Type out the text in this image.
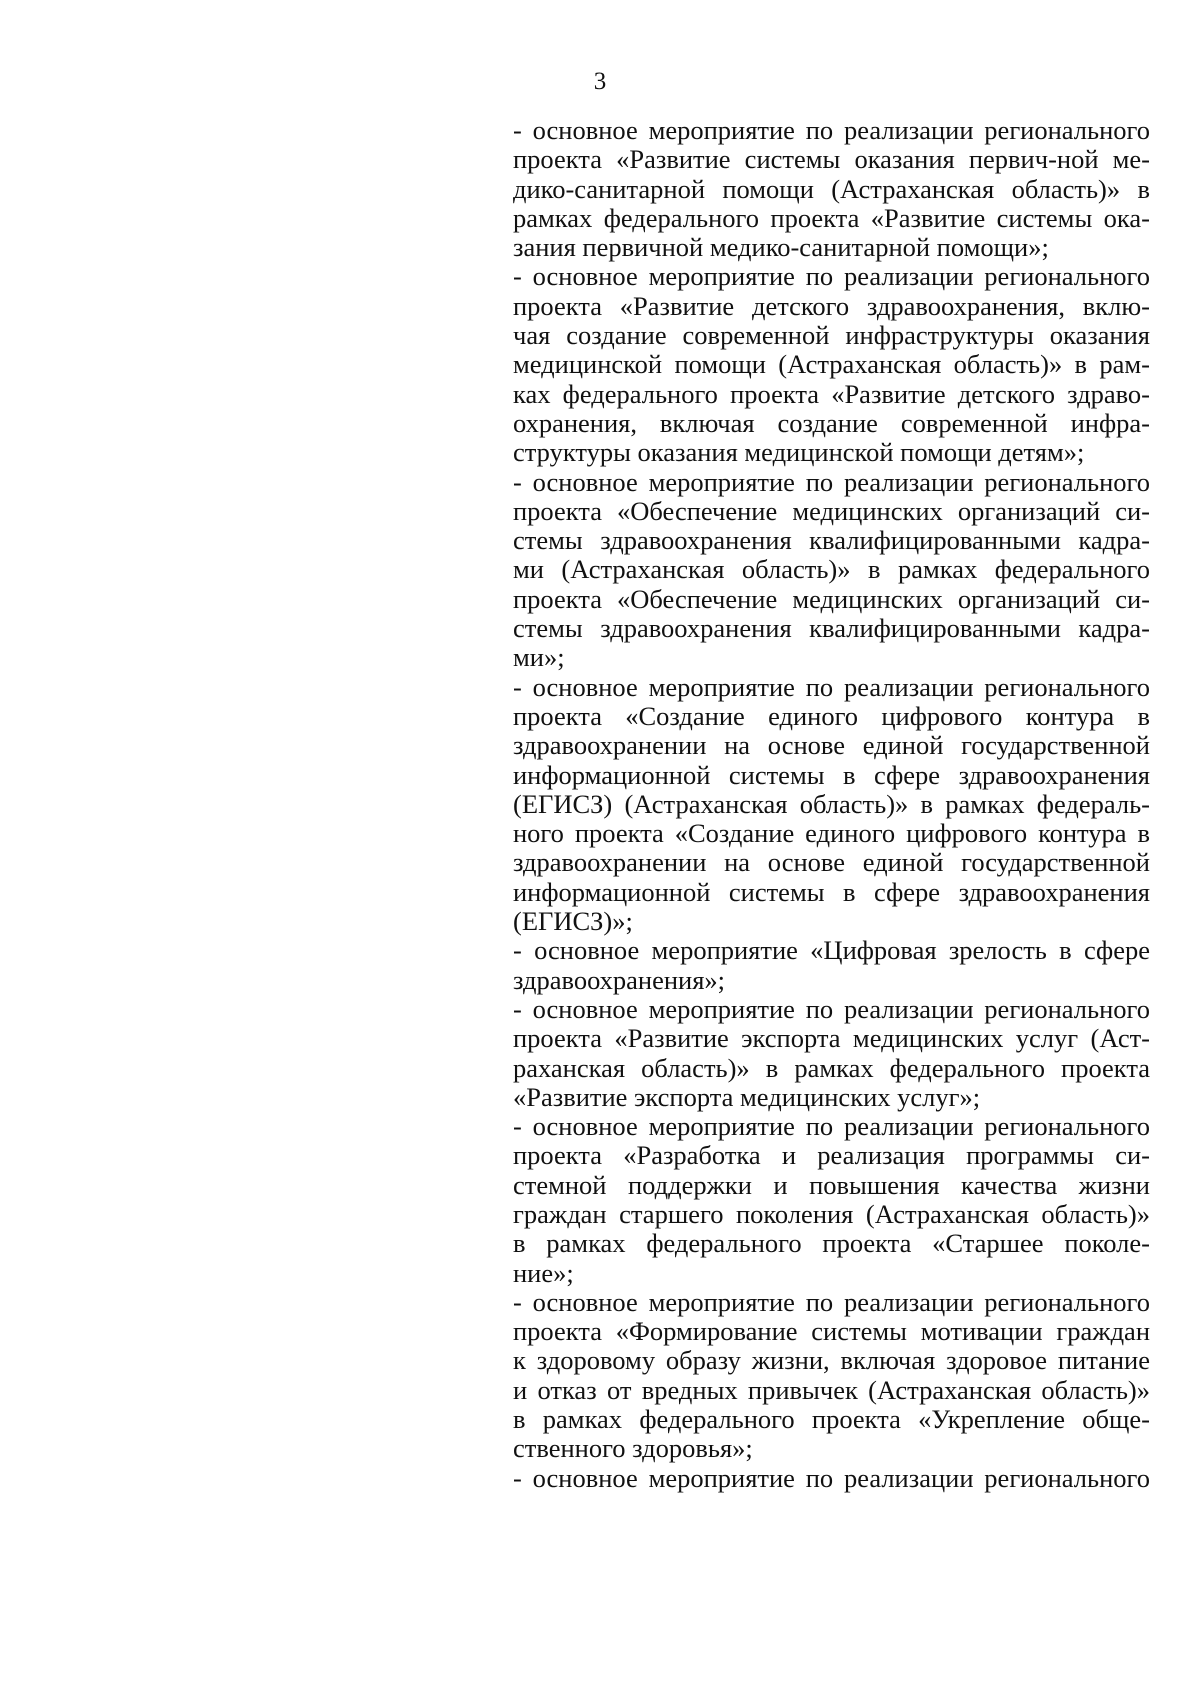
3
- основное мероприятие по реализации регионального
проекта «Развитие системы оказания первич-ной ме-
дико-санитарной помощи (Астраханская область)» в
рамках федерального проекта «Развитие системы ока-
зания первичной медико-санитарной помощи»;
- основное мероприятие по реализации регионального
проекта «Развитие детского здравоохранения, вклю-
чая создание современной инфраструктуры оказания
медицинской помощи (Астраханская область)» в рам-
ках федерального проекта «Развитие детского здраво-
охранения, включая создание современной инфра-
структуры оказания медицинской помощи детям»;
- основное мероприятие по реализации регионального
проекта «Обеспечение медицинских организаций си-
стемы здравоохранения квалифицированными кадра-
ми (Астраханская область)» в рамках федерального
проекта «Обеспечение медицинских организаций си-
стемы здравоохранения квалифицированными кадра-
ми»;
- основное мероприятие по реализации регионального
проекта «Создание единого цифрового контура в
здравоохранении на основе единой государственной
информационной системы в сфере здравоохранения
(ЕГИСЗ) (Астраханская область)» в рамках федераль-
ного проекта «Создание единого цифрового контура в
здравоохранении на основе единой государственной
информационной системы в сфере здравоохранения
(ЕГИСЗ)»;
- основное мероприятие «Цифровая зрелость в сфере
здравоохранения»;
- основное мероприятие по реализации регионального
проекта «Развитие экспорта медицинских услуг (Аст-
раханская область)» в рамках федерального проекта
«Развитие экспорта медицинских услуг»;
- основное мероприятие по реализации регионального
проекта «Разработка и реализация программы си-
стемной поддержки и повышения качества жизни
граждан старшего поколения (Астраханская область)»
в рамках федерального проекта «Старшее поколе-
ние»;
- основное мероприятие по реализации регионального
проекта «Формирование системы мотивации граждан
к здоровому образу жизни, включая здоровое питание
и отказ от вредных привычек (Астраханская область)»
в рамках федерального проекта «Укрепление обще-
ственного здоровья»;
- основное мероприятие по реализации регионального
